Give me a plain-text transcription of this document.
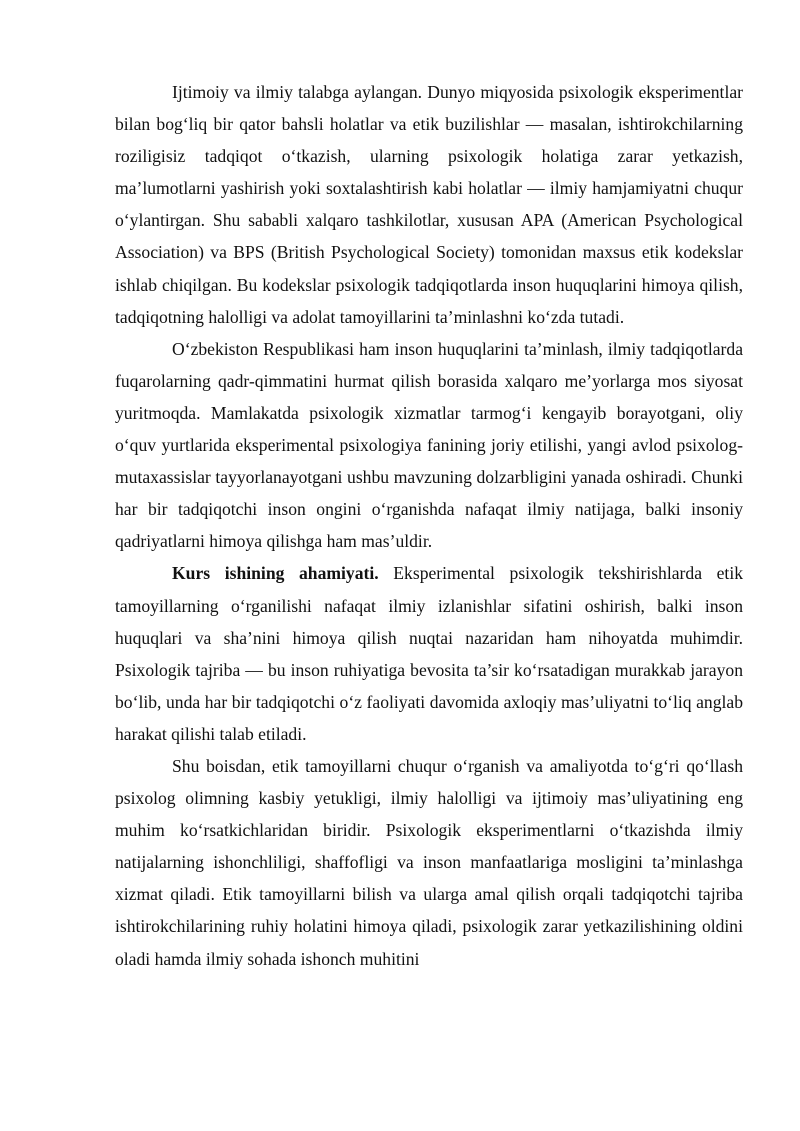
Ijtimoiy va ilmiy talabga aylangan. Dunyo miqyosida psixologik eksperimentlar bilan bog‘liq bir qator bahsli holatlar va etik buzilishlar — masalan, ishtirokchilarning roziligisiz tadqiqot o‘tkazish, ularning psixologik holatiga zarar yetkazish, ma’lumotlarni yashirish yoki soxtalashtirish kabi holatlar — ilmiy hamjamiyatni chuqur o‘ylantirgan. Shu sababli xalqaro tashkilotlar, xususan APA (American Psychological Association) va BPS (British Psychological Society) tomonidan maxsus etik kodekslar ishlab chiqilgan. Bu kodekslar psixologik tadqiqotlarda inson huquqlarini himoya qilish, tadqiqotning halolligi va adolat tamoyillarini ta’minlashni ko‘zda tutadi.

O‘zbekiston Respublikasi ham inson huquqlarini ta’minlash, ilmiy tadqiqotlarda fuqarolarning qadr-qimmatini hurmat qilish borasida xalqaro me’yorlarga mos siyosat yuritmoqda. Mamlakatda psixologik xizmatlar tarmog‘i kengayib borayotgani, oliy o‘quv yurtlarida eksperimental psixologiya fanining joriy etilishi, yangi avlod psixolog-mutaxassislar tayyorlanayotgani ushbu mavzuning dolzarbligini yanada oshiradi. Chunki har bir tadqiqotchi inson ongini o‘rganishda nafaqat ilmiy natijaga, balki insoniy qadriyatlarni himoya qilishga ham mas’uldir.

Kurs ishining ahamiyati. Eksperimental psixologik tekshirishlarda etik tamoyillarning o‘rganilishi nafaqat ilmiy izlanishlar sifatini oshirish, balki inson huquqlari va sha’nini himoya qilish nuqtai nazaridan ham nihoyatda muhimdir. Psixologik tajriba — bu inson ruhiyatiga bevosita ta’sir ko‘rsatadigan murakkab jarayon bo‘lib, unda har bir tadqiqotchi o‘z faoliyati davomida axloqiy mas’uliyatni to‘liq anglab harakat qilishi talab etiladi.

Shu boisdan, etik tamoyillarni chuqur o‘rganish va amaliyotda to‘g‘ri qo‘llash psixolog olimning kasbiy yetukligi, ilmiy halolligi va ijtimoiy mas’uliyatining eng muhim ko‘rsatkichlaridan biridir. Psixologik eksperimentlarni o‘tkazishda ilmiy natijalarning ishonchliligi, shaffofligi va inson manfaatlariga mosligini ta’minlashga xizmat qiladi. Etik tamoyillarni bilish va ularga amal qilish orqali tadqiqotchi tajriba ishtirokchilarining ruhiy holatini himoya qiladi, psixologik zarar yetkazilishining oldini oladi hamda ilmiy sohada ishonch muhitini
